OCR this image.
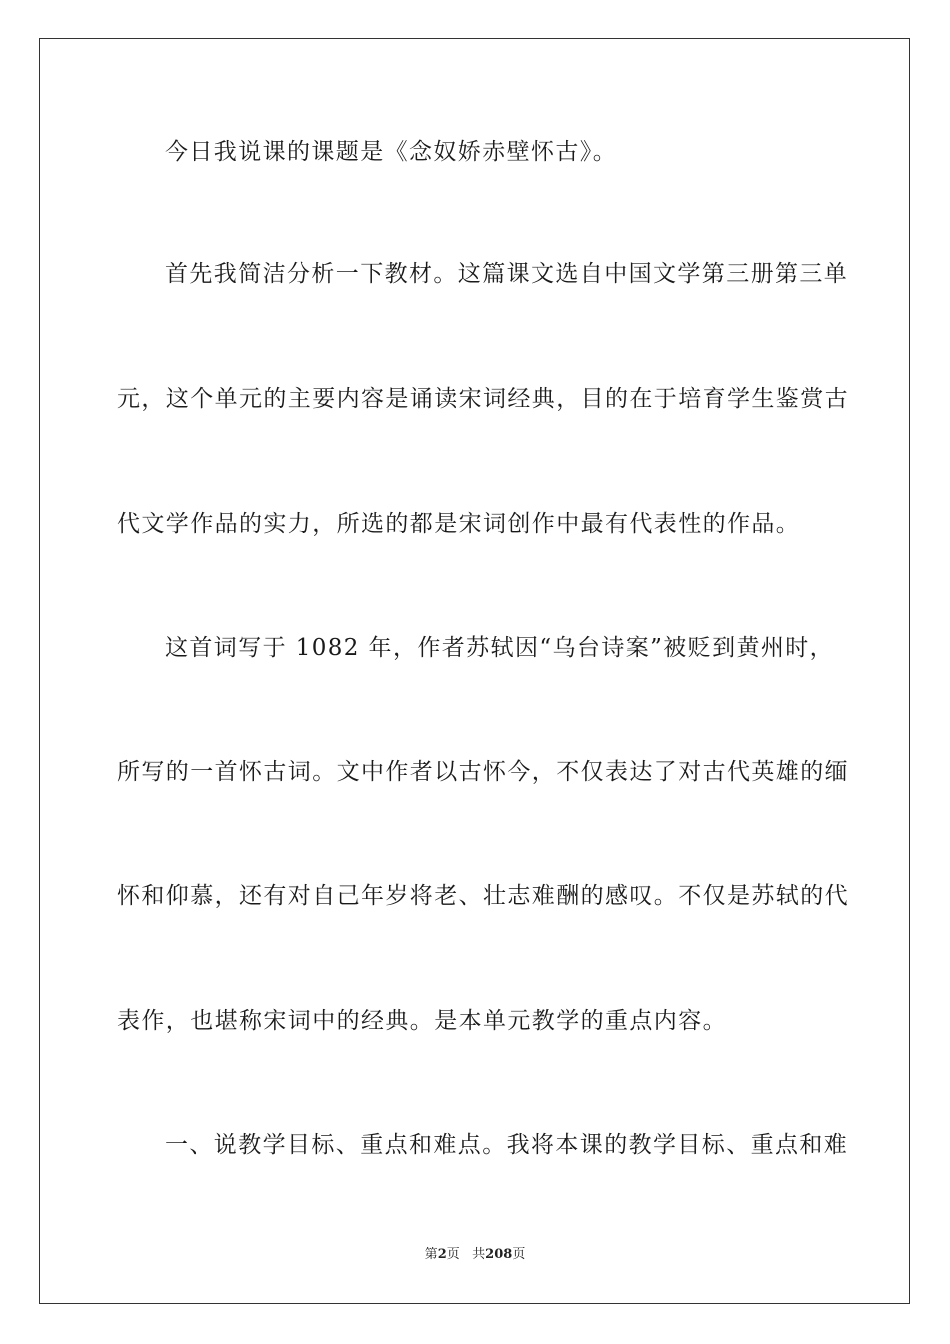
今日我说课的课题是《念奴娇赤壁怀古》。
首先我简洁分析一下教材。这篇课文选自中国文学第三册第三单
元，这个单元的主要内容是诵读宋词经典，目的在于培育学生鉴赏古
代文学作品的实力，所选的都是宋词创作中最有代表性的作品。
这首词写于 1082 年，作者苏轼因“乌台诗案”被贬到黄州时，
所写的一首怀古词。文中作者以古怀今，不仅表达了对古代英雄的缅
怀和仰慕，还有对自己年岁将老、壮志难酬的感叹。不仅是苏轼的代
表作，也堪称宋词中的经典。是本单元教学的重点内容。
一、说教学目标、重点和难点。我将本课的教学目标、重点和难
第2页 共208页
